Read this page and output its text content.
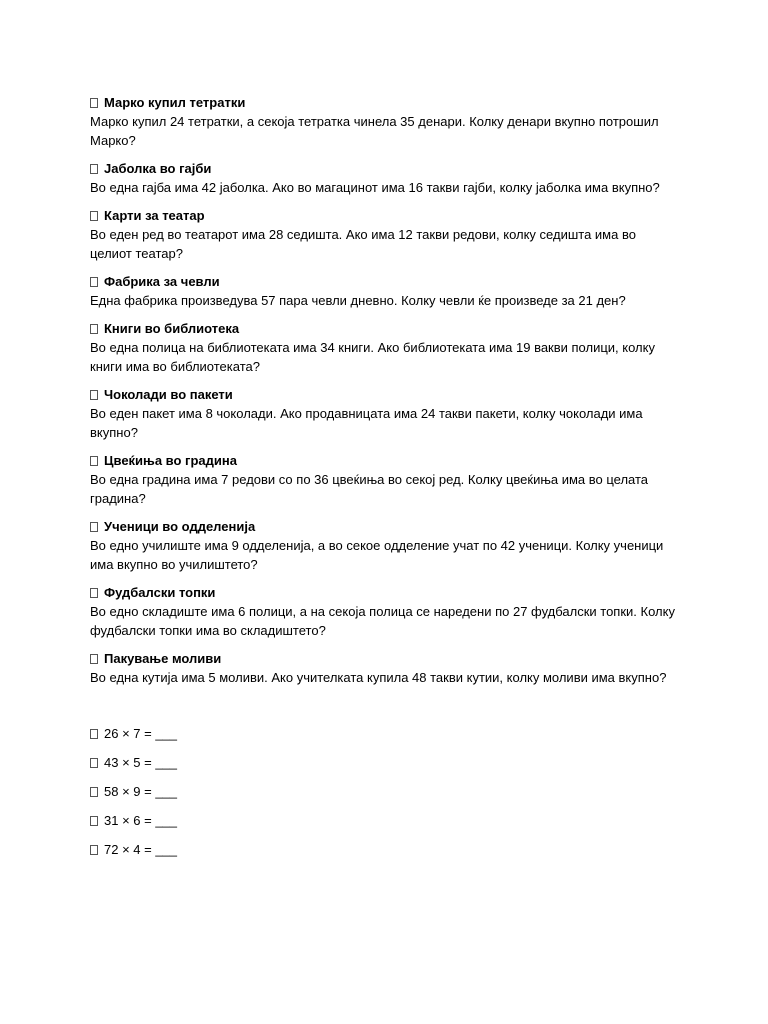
Марко купил тетратки
Марко купил 24 тетратки, а секоја тетратка чинела 35 денари. Колку денари вкупно потрошил Марко?
Јаболка во гајби
Во една гајба има 42 јаболка. Ако во магацинот има 16 такви гајби, колку јаболка има вкупно?
Карти за театар
Во еден ред во театарот има 28 седишта. Ако има 12 такви редови, колку седишта има во целиот театар?
Фабрика за чевли
Една фабрика произведува 57 пара чевли дневно. Колку чевли ќе произведе за 21 ден?
Книги во библиотека
Во една полица на библиотеката има 34 книги. Ако библиотеката има 19 вакви полици, колку книги има во библиотеката?
Чоколади во пакети
Во еден пакет има 8 чоколади. Ако продавницата има 24 такви пакети, колку чоколади има вкупно?
Цвеќиња во градина
Во една градина има 7 редови со по 36 цвеќиња во секој ред. Колку цвеќиња има во целата градина?
Ученици во одделенија
Во едно училиште има 9 одделенија, а во секое одделение учат по 42 ученици. Колку ученици има вкупно во училиштето?
Фудбалски топки
Во едно складиште има 6 полици, а на секоја полица се наредени по 27 фудбалски топки. Колку фудбалски топки има во складиштето?
Пакување моливи
Во една кутија има 5 моливи. Ако учителката купила 48 такви кутии, колку моливи има вкупно?
26 × 7 = ___
43 × 5 = ___
58 × 9 = ___
31 × 6 = ___
72 × 4 = ___
